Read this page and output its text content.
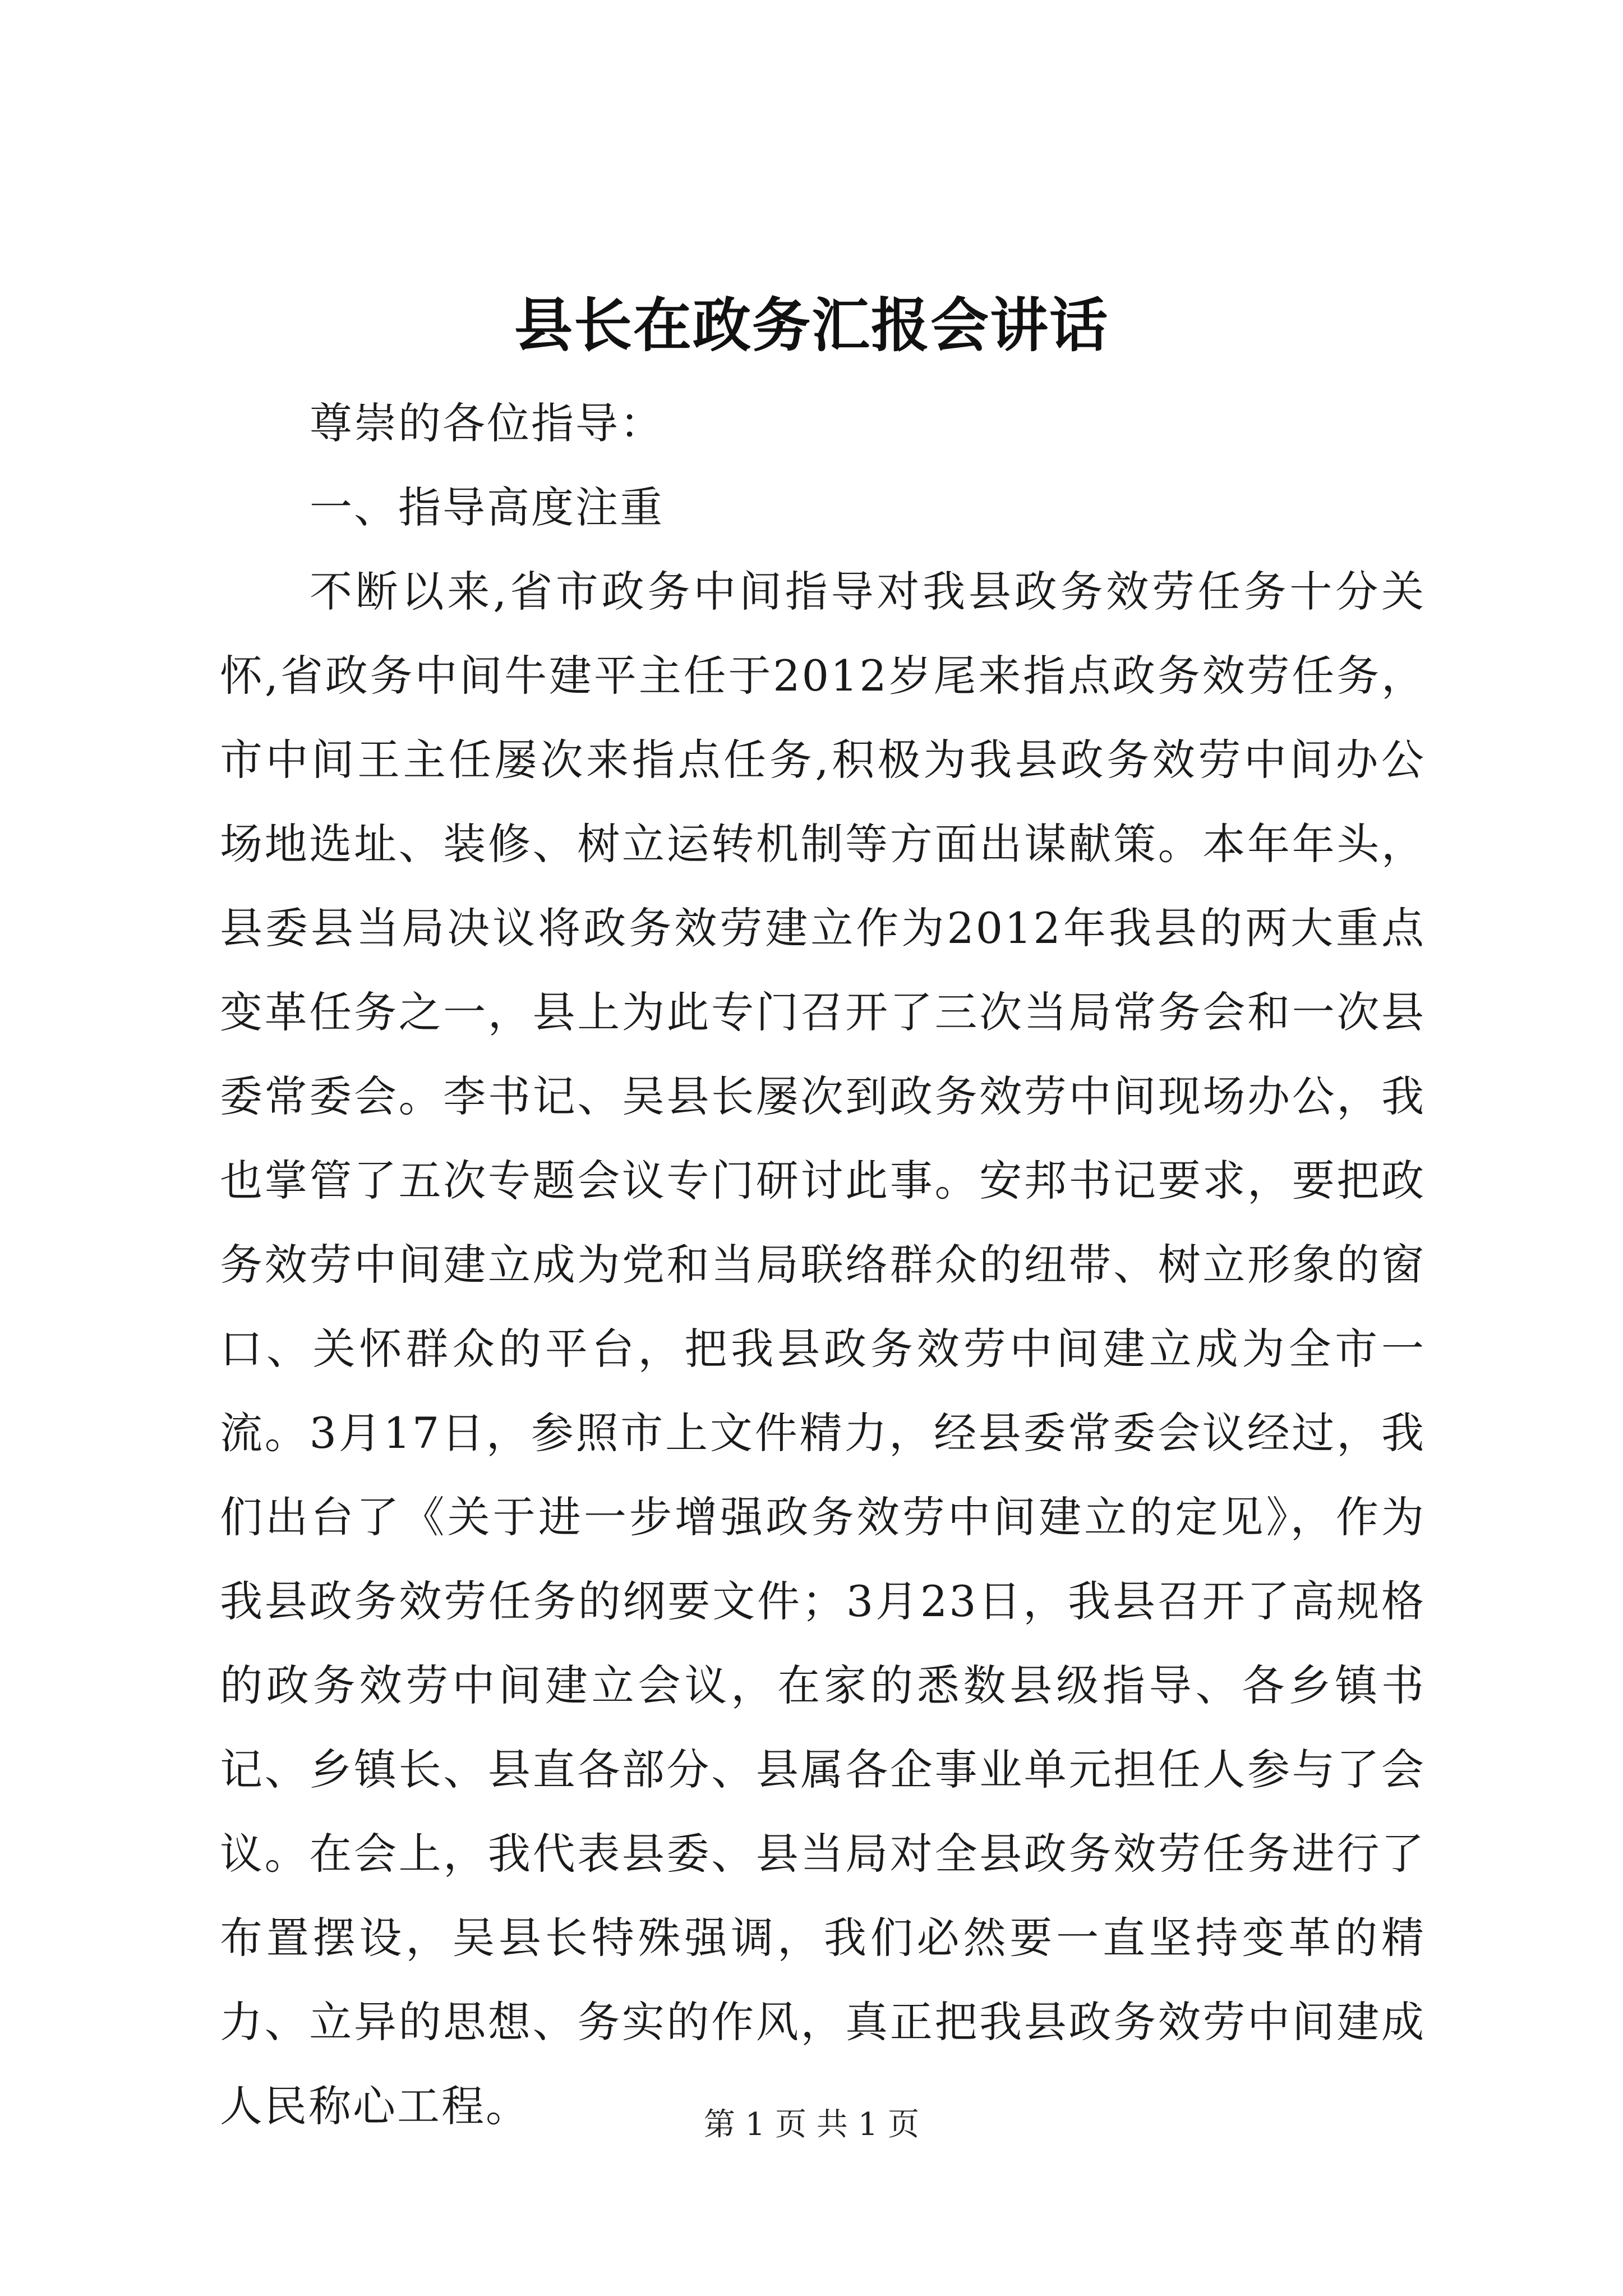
县长在政务汇报会讲话

尊崇的各位指导：

一、指导高度注重

不断以来,省市政务中间指导对我县政务效劳任务十分关怀,省政务中间牛建平主任于2012岁尾来指点政务效劳任务，市中间王主任屡次来指点任务,积极为我县政务效劳中间办公场地选址、装修、树立运转机制等方面出谋献策。本年年头，县委县当局决议将政务效劳建立作为2012年我县的两大重点变革任务之一，县上为此专门召开了三次当局常务会和一次县委常委会。李书记、吴县长屡次到政务效劳中间现场办公，我也掌管了五次专题会议专门研讨此事。安邦书记要求，要把政务效劳中间建立成为党和当局联络群众的纽带、树立形象的窗口、关怀群众的平台，把我县政务效劳中间建立成为全市一流。3月17日，参照市上文件精力，经县委常委会议经过，我们出台了《关于进一步增强政务效劳中间建立的定见》，作为我县政务效劳任务的纲要文件；3月23日，我县召开了高规格的政务效劳中间建立会议，在家的悉数县级指导、各乡镇书记、乡镇长、县直各部分、县属各企事业单元担任人参与了会议。在会上，我代表县委、县当局对全县政务效劳任务进行了布置摆设，吴县长特殊强调，我们必然要一直坚持变革的精力、立异的思想、务实的作风，真正把我县政务效劳中间建成人民称心工程。	第 1 页 共 1 页
